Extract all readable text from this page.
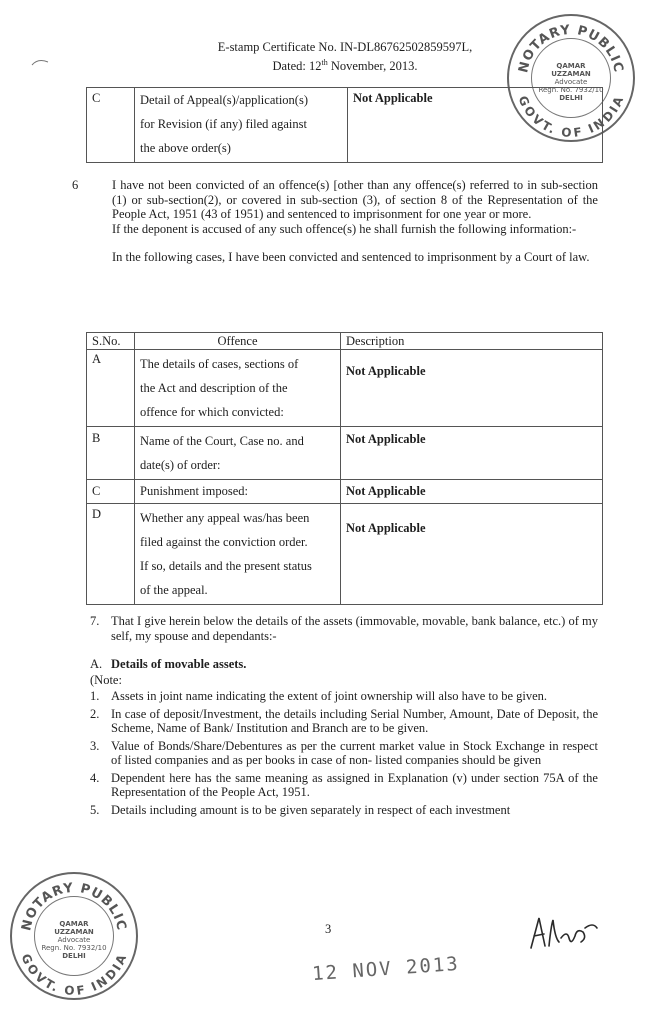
E-stamp Certificate No. IN-DL86762502859597L,
Dated: 12th November, 2013.	NOTARY PUBLIC
GOVT. OF INDIA
QAMAR UZZAMAN
Advocate
Regn. No. 7932/10
DELHI
C	Detail of Appeal(s)/application(s)
for Revision (if any) filed against
the above order(s)
	Not Applicable
6	I have not been convicted of an offence(s) [other than any offence(s) referred to in sub-section (1) or sub-section(2), or covered in sub-section (3), of section 8 of the Representation of the People Act, 1951 (43 of 1951) and sentenced to imprisonment for one year or more.
If the deponent is accused of any such offence(s) he shall furnish the following information:-
In the following cases, I have been convicted and sentenced to imprisonment by a Court of law.
S.No.	Offence	Description
A	The details of cases, sections of
the Act and description of the
offence for which convicted:	Not Applicable
B	Name of the Court, Case no. and
date(s) of order:	Not Applicable
C	Punishment imposed:	Not Applicable
D	Whether any appeal was/has been
filed against the conviction order.
If so, details and the present status
of the appeal.	Not Applicable
7. That I give herein below the details of the assets (immovable, movable, bank balance, etc.) of my self, my spouse and dependants:-
A. Details of movable assets.
(Note:
1. Assets in joint name indicating the extent of joint ownership will also have to be given.
2. In case of deposit/Investment, the details including Serial Number, Amount, Date of Deposit, the Scheme, Name of Bank/ Institution and Branch are to be given.
3. Value of Bonds/Share/Debentures as per the current market value in Stock Exchange in respect of listed companies and as per books in case of non- listed companies should be given
4. Dependent here has the same meaning as assigned in Explanation (v) under section 75A of the Representation of the People Act, 1951.
5. Details including amount is to be given separately in respect of each investment
NOTARY PUBLIC
GOVT. OF INDIA
QAMAR UZZAMAN
Advocate
Regn. No. 7932/10
DELHI
3
12 NOV 2013
